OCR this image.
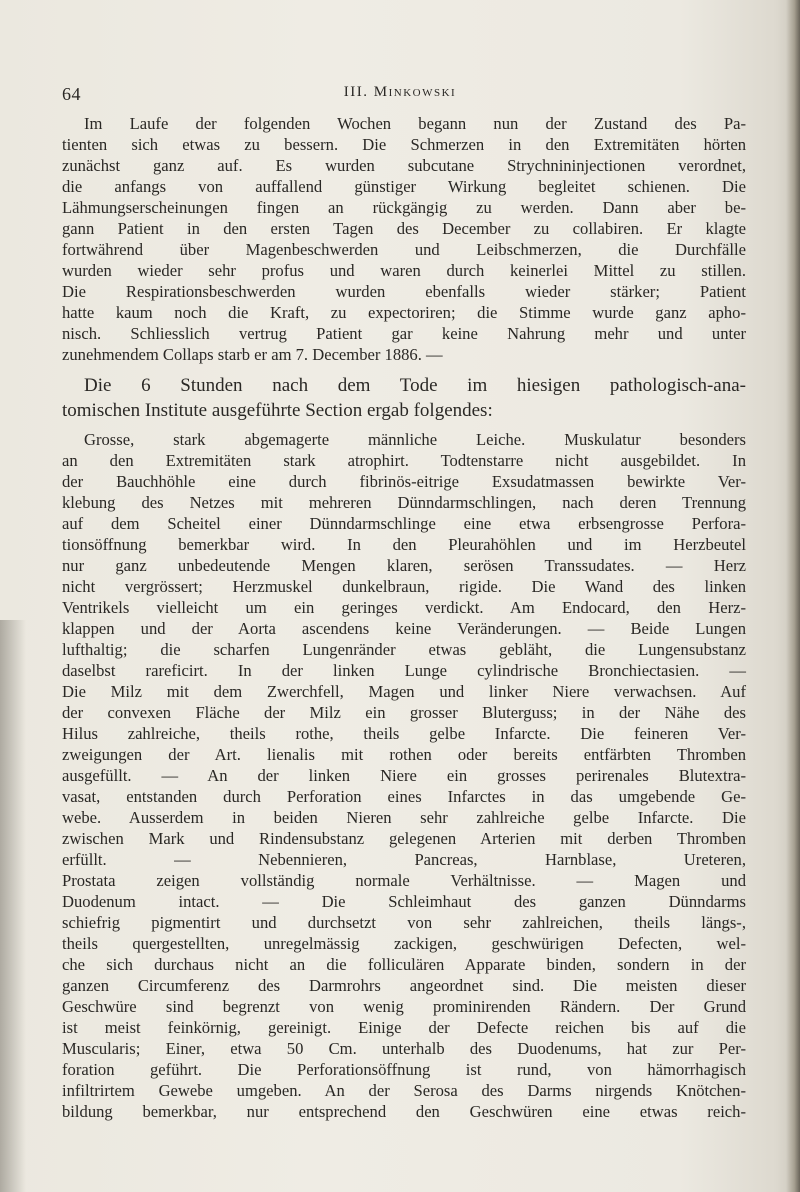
64	III. Minkowski
Im Laufe der folgenden Wochen begann nun der Zustand des Pa-
tienten sich etwas zu bessern. Die Schmerzen in den Extremitäten hörten
zunächst ganz auf. Es wurden subcutane Strychnininjectionen verordnet,
die anfangs von auffallend günstiger Wirkung begleitet schienen. Die
Lähmungserscheinungen fingen an rückgängig zu werden. Dann aber be-
gann Patient in den ersten Tagen des December zu collabiren. Er klagte
fortwährend über Magenbeschwerden und Leibschmerzen, die Durchfälle
wurden wieder sehr profus und waren durch keinerlei Mittel zu stillen.
Die Respirationsbeschwerden wurden ebenfalls wieder stärker; Patient
hatte kaum noch die Kraft, zu expectoriren; die Stimme wurde ganz apho-
nisch. Schliesslich vertrug Patient gar keine Nahrung mehr und unter
zunehmendem Collaps starb er am 7. December 1886. —
Die 6 Stunden nach dem Tode im hiesigen pathologisch-ana-
tomischen Institute ausgeführte Section ergab folgendes:
Grosse, stark abgemagerte männliche Leiche. Muskulatur besonders
an den Extremitäten stark atrophirt. Todtenstarre nicht ausgebildet. In
der Bauchhöhle eine durch fibrinös-eitrige Exsudatmassen bewirkte Ver-
klebung des Netzes mit mehreren Dünndarmschlingen, nach deren Trennung
auf dem Scheitel einer Dünndarmschlinge eine etwa erbsengrosse Perfora-
tionsöffnung bemerkbar wird. In den Pleurahöhlen und im Herzbeutel
nur ganz unbedeutende Mengen klaren, serösen Transsudates. — Herz
nicht vergrössert; Herzmuskel dunkelbraun, rigide. Die Wand des linken
Ventrikels vielleicht um ein geringes verdickt. Am Endocard, den Herz-
klappen und der Aorta ascendens keine Veränderungen. — Beide Lungen
lufthaltig; die scharfen Lungenränder etwas gebläht, die Lungensubstanz
daselbst rareficirt. In der linken Lunge cylindrische Bronchiectasien. —
Die Milz mit dem Zwerchfell, Magen und linker Niere verwachsen. Auf
der convexen Fläche der Milz ein grosser Bluterguss; in der Nähe des
Hilus zahlreiche, theils rothe, theils gelbe Infarcte. Die feineren Ver-
zweigungen der Art. lienalis mit rothen oder bereits entfärbten Thromben
ausgefüllt. — An der linken Niere ein grosses perirenales Blutextra-
vasat, entstanden durch Perforation eines Infarctes in das umgebende Ge-
webe. Ausserdem in beiden Nieren sehr zahlreiche gelbe Infarcte. Die
zwischen Mark und Rindensubstanz gelegenen Arterien mit derben Thromben
erfüllt. — Nebennieren, Pancreas, Harnblase, Ureteren,
Prostata zeigen vollständig normale Verhältnisse. — Magen und
Duodenum intact. — Die Schleimhaut des ganzen Dünndarms
schiefrig pigmentirt und durchsetzt von sehr zahlreichen, theils längs-,
theils quergestellten, unregelmässig zackigen, geschwürigen Defecten, wel-
che sich durchaus nicht an die folliculären Apparate binden, sondern in der
ganzen Circumferenz des Darmrohrs angeordnet sind. Die meisten dieser
Geschwüre sind begrenzt von wenig prominirenden Rändern. Der Grund
ist meist feinkörnig, gereinigt. Einige der Defecte reichen bis auf die
Muscularis; Einer, etwa 50 Cm. unterhalb des Duodenums, hat zur Per-
foration geführt. Die Perforationsöffnung ist rund, von hämorrhagisch
infiltrirtem Gewebe umgeben. An der Serosa des Darms nirgends Knötchen-
bildung bemerkbar, nur entsprechend den Geschwüren eine etwas reich-
